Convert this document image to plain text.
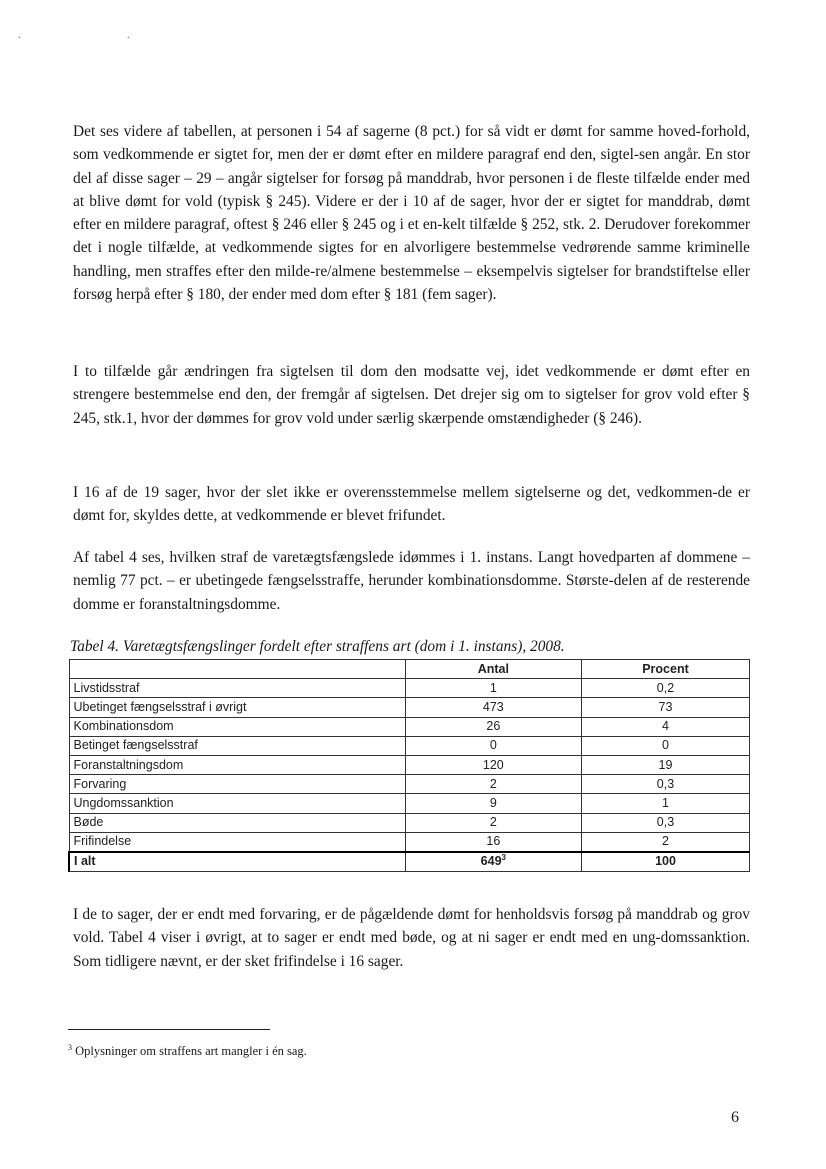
. .

Det ses videre af tabellen, at personen i 54 af sagerne (8 pct.) for så vidt er dømt for samme hoved-forhold, som vedkommende er sigtet for, men der er dømt efter en mildere paragraf end den, sigtel-sen angår. En stor del af disse sager – 29 – angår sigtelser for forsøg på manddrab, hvor personen i de fleste tilfælde ender med at blive dømt for vold (typisk § 245). Videre er der i 10 af de sager, hvor der er sigtet for manddrab, dømt efter en mildere paragraf, oftest § 246 eller § 245 og i et en-kelt tilfælde § 252, stk. 2. Derudover forekommer det i nogle tilfælde, at vedkommende sigtes for en alvorligere bestemmelse vedrørende samme kriminelle handling, men straffes efter den milde-re/almene bestemmelse – eksempelvis sigtelser for brandstiftelse eller forsøg herpå efter § 180, der ender med dom efter § 181 (fem sager).

I to tilfælde går ændringen fra sigtelsen til dom den modsatte vej, idet vedkommende er dømt efter en strengere bestemmelse end den, der fremgår af sigtelsen. Det drejer sig om to sigtelser for grov vold efter § 245, stk.1, hvor der dømmes for grov vold under særlig skærpende omstændigheder (§ 246).

I 16 af de 19 sager, hvor der slet ikke er overensstemmelse mellem sigtelserne og det, vedkommen-de er dømt for, skyldes dette, at vedkommende er blevet frifundet.

Af tabel 4 ses, hvilken straf de varetægtsfængslede idømmes i 1. instans. Langt hovedparten af dommene – nemlig 77 pct. – er ubetingede fængselsstraffe, herunder kombinationsdomme. Største-delen af de resterende domme er foranstaltningsdomme.

Tabel 4. Varetægtsfængslinger fordelt efter straffens art (dom i 1. instans), 2008.
	Antal	Procent
Livstidsstraf	1	0,2
Ubetinget fængselsstraf i øvrigt	473	73
Kombinationsdom	26	4
Betinget fængselsstraf	0	0
Foranstaltningsdom	120	19
Forvaring	2	0,3
Ungdomssanktion	9	1
Bøde	2	0,3
Frifindelse	16	2
I alt	649$^3$	100

I de to sager, der er endt med forvaring, er de pågældende dømt for henholdsvis forsøg på manddrab og grov vold. Tabel 4 viser i øvrigt, at to sager er endt med bøde, og at ni sager er endt med en ung-domssanktion. Som tidligere nævnt, er der sket frifindelse i 16 sager.

$^3$ Oplysninger om straffens art mangler i én sag.
6
